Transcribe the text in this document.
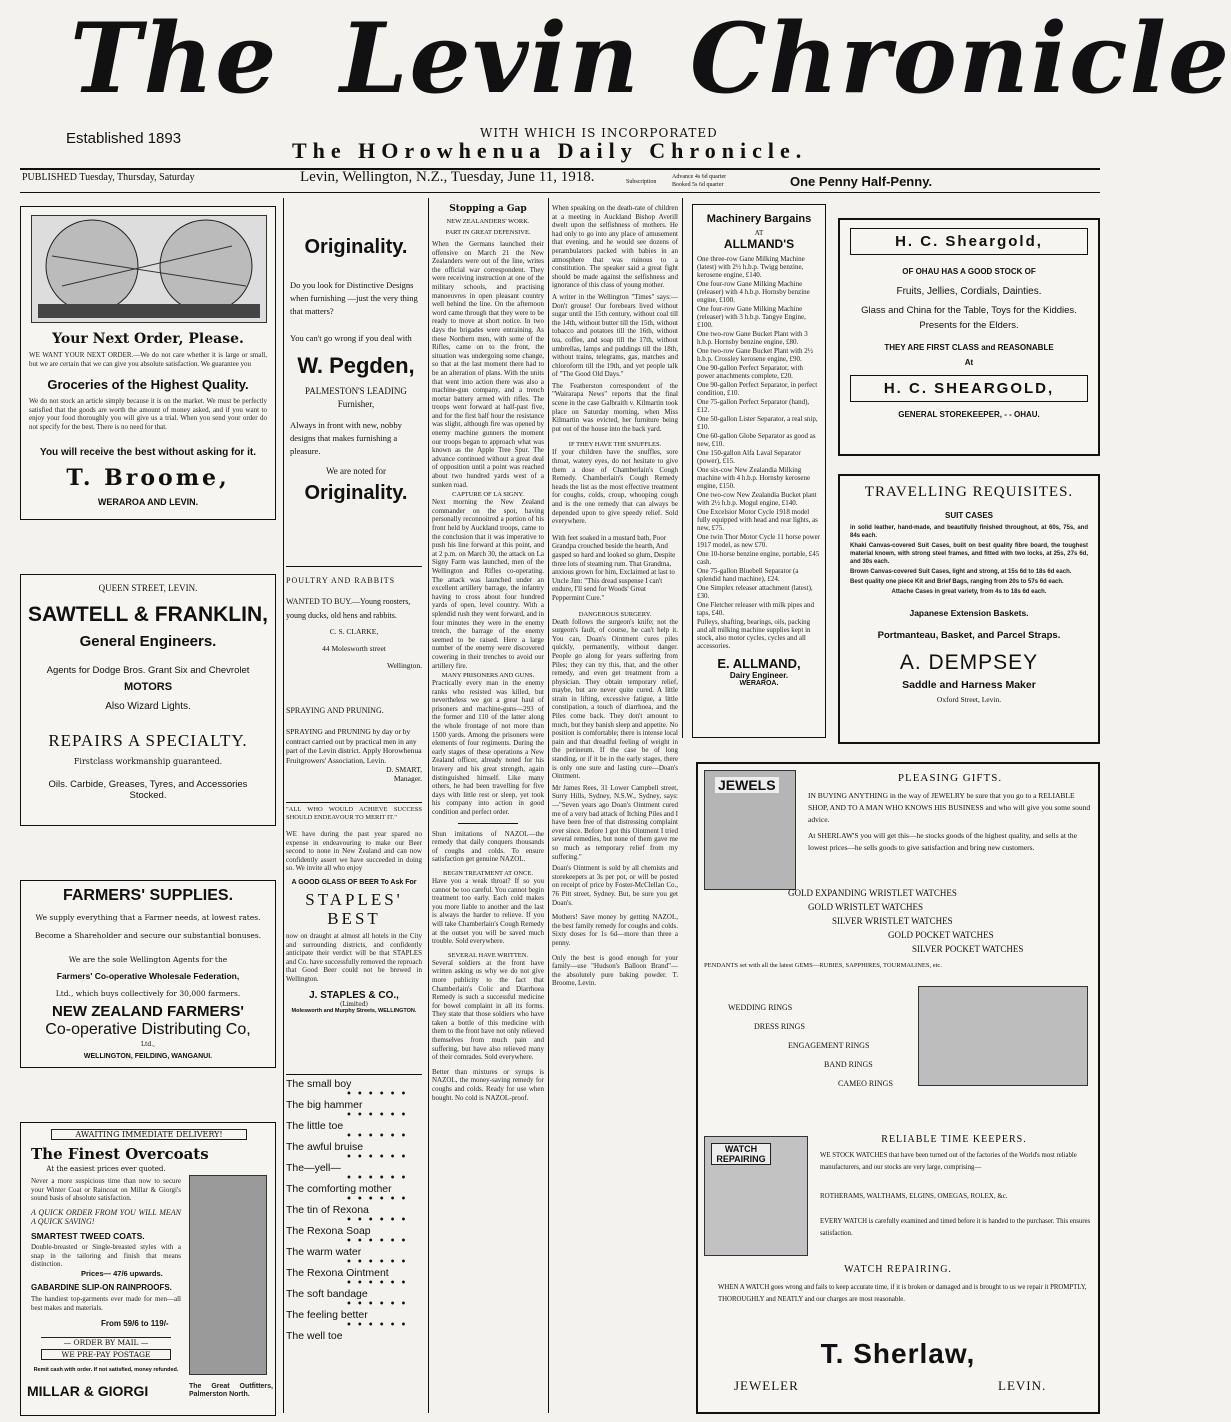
The Levin Chronicle
Established 1893	WITH WHICH IS INCORPORATED
The HOrowhenua Daily Chronicle.
PUBLISHED Tuesday, Thursday, Saturday	Levin, Wellington, N.Z., Tuesday, June 11, 1918.	Subscription
Advance 4s 6d quarter
Booked 5s 6d quarter	One Penny Half-Penny.
Your Next Order, Please.
WE WANT YOUR NEXT ORDER.—We do not care whether it is large or small, but we are certain that we can give you absolute satisfaction. We guarantee you
Groceries of the Highest Quality.
We do not stock an article simply because it is on the market. We must be perfectly satisfied that the goods are worth the amount of money asked, and if you want to enjoy your food thoroughly you will give us a trial. When you send your order do not specify for the best. There is no need for that.
You will receive the best without asking for it.
T. Broome,
WERAROA AND LEVIN.
QUEEN STREET, LEVIN.
SAWTELL & FRANKLIN,
General Engineers.
Agents for Dodge Bros. Grant Six and Chevrolet
MOTORS
Also Wizard Lights.
REPAIRS A SPECIALTY.
Firstclass workmanship guaranteed.
Oils. Carbide, Greases, Tyres, and Accessories Stocked.
FARMERS' SUPPLIES.
We supply everything that a Farmer needs, at lowest rates.
Become a Shareholder and secure our substantial bonuses.
We are the sole Wellington Agents for the
Farmers' Co-operative Wholesale Federation,
Ltd., which buys collectively for 30,000 farmers.
NEW ZEALAND FARMERS'
Co-operative Distributing Co,
Ltd.,
WELLINGTON, FEILDING, WANGANUI.
AWAITING IMMEDIATE DELIVERY!
The Finest Overcoats
At the easiest prices ever quoted.
Never a more suspicious time than now to secure your Winter Coat or Raincoat on Millar & Giorgi's sound basis of absolute satisfaction.
A QUICK ORDER FROM YOU WILL MEAN A QUICK SAVING!
SMARTEST TWEED COATS.
Double-breasted or Single-breasted styles with a snap in the tailoring and finish that means distinction.
Prices— 47/6 upwards.
GABARDINE SLIP-ON RAINPROOFS.
The handiest top-garments ever made for men—all best makes and materials.
From 59/6 to 119/-
— ORDER BY MAIL —
WE PRE-PAY POSTAGE
Remit cash with order. If not satisfied, money refunded.
MILLAR & GIORGI	The Great Outfitters, Palmerston North.
Originality.
Do you look for Distinctive Designs when furnishing —just the very thing that matters?
You can't go wrong if you deal with
W. Pegden,
PALMESTON'S LEADING Furnisher,
Always in front with new, nobby designs that makes furnishing a pleasure.
We are noted for
Originality.
POULTRY AND RABBITS
WANTED TO BUY.—Young roosters, young ducks, old hens and rabbits.
C. S. CLARKE,
44 Molesworth street
Wellington.
SPRAYING AND PRUNING.
SPRAYING and PRUNING by day or by contract carried out by practical men in any part of the Levin district. Apply Horowhenua Fruitgrowers' Association, Levin.
D. SMART,
Manager.
"ALL WHO WOULD ACHIEVE SUCCESS SHOULD ENDEAVOUR TO MERIT IT."
WE have during the past year spared no expense in endeavouring to make our Beer second to none in New Zealand and can now confidently assert we have succeeded in doing so. We invite all who enjoy
A GOOD GLASS OF BEER To Ask For
STAPLES' BEST
now on draught at almost all hotels in the City and surrounding districts, and confidently anticipate their verdict will be that STAPLES and Co. have successfully removed the reproach that Good Beer could not be brewed in Wellington.
J. STAPLES & CO.,
(Limited)
Molesworth and Murphy Streets, WELLINGTON.
The small boy
••••••
The big hammer
••••••
The little toe
••••••
The awful bruise
••••••
The—yell—
••••••
The comforting mother
••••••
The tin of Rexona
••••••
The Rexona Soap
••••••
The warm water
••••••
The Rexona Ointment
••••••
The soft bandage
••••••
The feeling better
••••••
The well toe
Stopping a Gap
NEW ZEALANDERS' WORK.
PART IN GREAT DEFENSIVE.
When the Germans launched their offensive on March 21 the New Zealanders were out of the line, writes the official war correspondent. They were receiving instruction at one of the military schools, and practising manoeuvres in open pleasant country well behind the line. On the afternoon word came through that they were to be ready to move at short notice. In two days the brigades were entraining. As these Northern men, with some of the Rifles, came on to the front, the situation was undergoing some change, so that at the last moment there had to be an alteration of plans. With the units that went into action there was also a machine-gun company, and a trench mortar battery armed with rifles. The troops went forward at half-past five, and for the first half hour the resistance was slight, although fire was opened by enemy machine gunners the moment our troops began to approach what was known as the Apple Tree Spur. The advance continued without a great deal of opposition until a point was reached about two hundred yards west of a sunken road.
CAPTURE OF LA SIGNY.
Next morning the New Zealand commander on the spot, having personally reconnoitred a portion of his front held by Auckland troops, came to the conclusion that it was imperative to push his line forward at this point, and at 2 p.m. on March 30, the attack on La Signy Farm was launched, men of the Wellington and Rifles co-operating. The attack was launched under an excellent artillery barrage, the infantry having to cross about four hundred yards of open, level country. With a splendid rush they went forward, and in four minutes they were in the enemy trench, the barrage of the enemy seemed to be raised. Here a large number of the enemy were discovered cowering in their trenches to avoid our artillery fire.
MANY PRISONERS AND GUNS.
Practically every man in the enemy ranks who resisted was killed, but nevertheless we got a great haul of prisoners and machine-guns—293 of the former and 110 of the latter along the whole frontage of not more than 1500 yards. Among the prisoners were elements of four regiments. During the early stages of these operations a New Zealand officer, already noted for his bravery and his great strength, again distinguished himself. Like many others, he had been travelling for five days with little rest or sleep, yet took his company into action in good condition and perfect order.
Shun imitations of NAZOL—the remedy that daily conquers thousands of coughs and colds. To ensure satisfaction get genuine NAZOL.
BEGIN TREATMENT AT ONCE.
Have you a weak throat? If so you cannot be too careful. You cannot begin treatment too early. Each cold makes you more liable to another and the last is always the harder to relieve. If you will take Chamberlain's Cough Remedy at the outset you will be saved much trouble. Sold everywhere.
SEVERAL HAVE WRITTEN.
Several soldiers at the front have written asking us why we do not give more publicity to the fact that Chamberlain's Colic and Diarrhoea Remedy is such a successful medicine for bowel complaint in all its forms. They state that those soldiers who have taken a bottle of this medicine with them to the front have not only relieved themselves from much pain and suffering, but have also relieved many of their comrades. Sold everywhere.
Better than mixtures or syrups is NAZOL, the money-saving remedy for coughs and colds. Ready for use when bought. No cold is NAZOL-proof.
When speaking on the death-rate of children at a meeting in Auckland Bishop Averill dwelt upon the selfishness of mothers. He had only to go into any place of amusement that evening, and he would see dozens of perambulators packed with babies in an atmosphere that was ruinous to a constitution. The speaker said a great fight should be made against the selfishness and ignorance of this class of young mother.
A writer in the Wellington "Times" says:—Don't grouse! Our forebears lived without sugar until the 15th century, without coal till the 14th, without butter till the 15th, without tobacco and potatoes till the 16th, without tea, coffee, and soap till the 17th, without umbrellas, lamps and puddings till the 18th, without trains, telegrams, gas, matches and chloroform till the 19th, and yet people talk of "The Good Old Days."
The Featherston correspondent of the "Wairarapa News" reports that the final scene in the case Galbraith v. Kilmartin took place on Saturday morning, when Miss Kilmartin was evicted, her furniture being put out of the house into the back yard.
IF THEY HAVE THE SNUFFLES.
If your children have the snuffles, sore throat, watery eyes, do not hesitate to give them a dose of Chamberlain's Cough Remedy. Chamberlain's Cough Remedy heads the list as the most effective treatment for coughs, colds, croup, whooping cough and is the one remedy that can always be depended upon to give speedy relief. Sold everywhere.
With feet soaked in a mustard bath, Poor Grandpa crouched beside the hearth, And gasped so hard and looked so glum, Despite three lots of steaming rum. That Grandma, anxious grown for him, Exclaimed at last to Uncle Jim: "This dread suspense I can't endure, I'll send for Woods' Great Peppermint Cure."
DANGEROUS SURGERY.
Death follows the surgeon's knife; not the surgeon's fault, of course, he can't help it. You can, Doan's Ointment cures piles quickly, permanently, without danger. People go along for years suffering from Piles; they can try this, that, and the other remedy, and even get treatment from a physician. They obtain temporary relief, maybe, but are never quite cured. A little strain in lifting, excessive fatigue, a little constipation, a touch of diarrhoea, and the Piles come back. They don't amount to much, but they banish sleep and appetite. No position is comfortable; there is intense local pain and that dreadful feeling of weight in the perineum. If the case be of long standing, or if it be in the early stages, there is only one sure and lasting cure—Doan's Ointment.
Mr James Rees, 31 Lower Campbell street, Surry Hills, Sydney, N.S.W., Sydney, says:—"Seven years ago Doan's Ointment cured me of a very bad attack of Itching Piles and I have been free of that distressing complaint ever since. Before I got this Ointment I tried several remedies, but none of them gave me so much as temporary relief from my suffering."
Doan's Ointment is sold by all chemists and storekeepers at 3s per pot, or will be posted on receipt of price by Foster-McClellan Co., 76 Pitt street, Sydney. But, be sure you get Doan's.
Mothers! Save money by getting NAZOL, the best family remedy for coughs and colds. Sixty doses for 1s 6d—more than three a penny.
Only the best is good enough for your family—use "Hudson's Balloon Brand"—the absolutely pure baking powder. T. Broome, Levin.
Machinery Bargains
AT
ALLMAND'S
One three-row Gane Milking Machine (latest) with 2½ h.b.p. Twigg benzine, kerosene engine, £140.
One four-row Gane Milking Machine (releaser) with 4 h.b.p. Hornsby benzine engine, £100.
One four-row Gane Milking Machine (releaser) with 3 h.b.p. Tangye Engine, £100.
One two-row Gane Bucket Plant with 3 h.b.p. Hornsby benzine engine, £80.
One two-row Gane Bucket Plant with 2½ h.b.p. Crossley kerosene engine, £90.
One 90-gallon Perfect Separator, with power attachments complete, £20.
One 90-gallon Perfect Separator, in perfect condition, £10.
One 75-gallon Perfect Separator (hand), £12.
One 50-gallon Lister Separator, a real snip, £10.
One 60-gallon Globe Separator as good as new, £10.
One 150-gallon Alfa Laval Separator (power), £15.
One six-cow New Zealandia Milking machine with 4 h.b.p. Hornsby kerosene engine, £150.
One two-cow New Zealandia Bucket plant with 2½ h.b.p. Mogul engine, £140.
One Excelsior Motor Cycle 1918 model fully equipped with head and rear lights, as new, £75.
One twin Thor Motor Cycle 11 horse power 1917 model, as new £70.
One 10-horse benzine engine, portable, £45 cash.
One 75-gallon Bluebell Separator (a splendid hand machine), £24.
One Simplex releaser attachment (latest), £30.
One Fletcher releaser with milk pipes and taps, £40.
Pulleys, shafting, bearings, oils, packing and all milking machine supplies kept in stock, also motor cycles, cycles and all accessories.
E. ALLMAND,
Dairy Engineer.
WERAROA.
H. C. Sheargold,
OF OHAU HAS A GOOD STOCK OF
Fruits, Jellies, Cordials, Dainties.
Glass and China for the Table, Toys for the Kiddies. Presents for the Elders.
THEY ARE FIRST CLASS and REASONABLE
At
H. C. SHEARGOLD,
GENERAL STOREKEEPER, - - OHAU.
TRAVELLING REQUISITES.
SUIT CASES
in solid leather, hand-made, and beautifully finished throughout, at 60s, 75s, and 84s each.
Khaki Canvas-covered Suit Cases, built on best quality fibre board, the toughest material known, with strong steel frames, and fitted with two locks, at 25s, 27s 6d, and 30s each.
Brown Canvas-covered Suit Cases, light and strong, at 15s 6d to 18s 6d each.
Best quality one piece Kit and Brief Bags, ranging from 20s to 57s 6d each.
Attache Cases in great variety, from 4s to 18s 6d each.
Japanese Extension Baskets.
Portmanteau, Basket, and Parcel Straps.
A. DEMPSEY
Saddle and Harness Maker
Oxford Street, Levin.
JEWELS	PLEASING GIFTS.
IN BUYING ANYTHING in the way of JEWELRY be sure that you go to a RELIABLE SHOP, AND TO A MAN WHO KNOWS HIS BUSINESS and who will give you some sound advice.
At SHERLAW'S you will get this—he stocks goods of the highest quality, and sells at the lowest prices—he sells goods to give satisfaction and bring new customers.
GOLD EXPANDING WRISTLET WATCHES
GOLD WRISTLET WATCHES
SILVER WRISTLET WATCHES
GOLD POCKET WATCHES
SILVER POCKET WATCHES
PENDANTS set with all the latest GEMS—RUBIES, SAPPHIRES, TOURMALINES, etc.
WEDDING RINGS
DRESS RINGS
ENGAGEMENT RINGS
BAND RINGS
CAMEO RINGS
WATCH REPAIRING
RELIABLE TIME KEEPERS.
WE STOCK WATCHES that have been turned out of the factories of the World's most reliable manufacturers, and our stocks are very large, comprising—
ROTHERAMS, WALTHAMS, ELGINS, OMEGAS, ROLEX, &c.
EVERY WATCH is carefully examined and timed before it is handed to the purchaser. This ensures satisfaction.
WATCH REPAIRING.
WHEN A WATCH goes wrong and fails to keep accurate time, if it is broken or damaged and is brought to us we repair it PROMPTLY, THOROUGHLY and NEATLY and our charges are most reasonable.
T. Sherlaw,
JEWELER	LEVIN.
